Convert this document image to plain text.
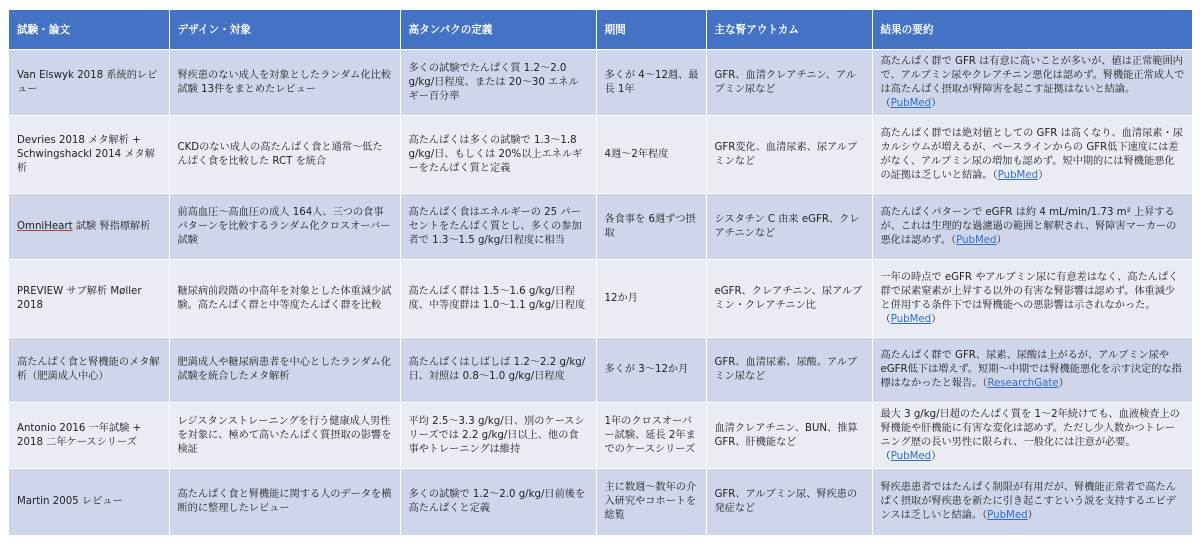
試験・論文	デザイン・対象	高タンパクの定義	期間	主な腎アウトカム	結果の要約
Van Elswyk 2018 系統的レビュー	腎疾患のない成人を対象としたランダム化比較試験 13件をまとめたレビュー	多くの試験でたんぱく質 1.2〜2.0 g/kg/日程度、または 20〜30 エネルギー百分率	多くが 4〜12週、最長 1年	GFR、血清クレアチニン、アルブミン尿など	高たんぱく群で GFR は有意に高いことが多いが、値は正常範囲内で、アルブミン尿やクレアチニン悪化は認めず。腎機能正常成人では高たんぱく摂取が腎障害を起こす証拠はないと結論。（PubMed）
Devries 2018 メタ解析 + Schwingshackl 2014 メタ解析	CKDのない成人の高たんぱく食と通常〜低たんぱく食を比較した RCT を統合	高たんぱくは多くの試験で 1.3〜1.8 g/kg/日、もしくは 20%以上エネルギーをたんぱく質と定義	4週〜2年程度	GFR変化、血清尿素、尿アルブミンなど	高たんぱく群では絶対値としての GFR は高くなり、血清尿素・尿カルシウムが増えるが、ベースラインからの GFR低下速度には差がなく、アルブミン尿の増加も認めず。短中期的には腎機能悪化の証拠は乏しいと結論。（PubMed）
OmniHeart 試験 腎指標解析	前高血圧〜高血圧の成人 164人、三つの食事パターンを比較するランダム化クロスオーバー試験	高たんぱく食はエネルギーの 25 パーセントをたんぱく質とし、多くの参加者で 1.3〜1.5 g/kg/日程度に相当	各食事を 6週ずつ摂取	シスタチン C 由来 eGFR、クレアチニンなど	高たんぱくパターンで eGFR は約 4 mL/min/1.73 m² 上昇するが、これは生理的な過濾過の範囲と解釈され、腎障害マーカーの悪化は認めず。（PubMed）
PREVIEW サブ解析 Møller 2018	糖尿病前段階の中高年を対象とした体重減少試験。高たんぱく群と中等度たんぱく群を比較	高たんぱく群は 1.5〜1.6 g/kg/日程度、中等度群は 1.0〜1.1 g/kg/日程度	12か月	eGFR、クレアチニン、尿アルブミン・クレアチニン比	一年の時点で eGFR やアルブミン尿に有意差はなく、高たんぱく群で尿素窒素が上昇する以外の有害な腎影響は認めず。体重減少と併用する条件下では腎機能への悪影響は示されなかった。（PubMed）
高たんぱく食と腎機能のメタ解析（肥満成人中心）	肥満成人や糖尿病患者を中心としたランダム化試験を統合したメタ解析	高たんぱくはしばしば 1.2〜2.2 g/kg/日、対照は 0.8〜1.0 g/kg/日程度	多くが 3〜12か月	GFR、血清尿素、尿酸、アルブミン尿など	高たんぱく群で GFR、尿素、尿酸は上がるが、アルブミン尿や eGFR低下は増えず。短期〜中期では腎機能悪化を示す決定的な指標はなかったと報告。（ResearchGate）
Antonio 2016 一年試験 + 2018 二年ケースシリーズ	レジスタンストレーニングを行う健康成人男性を対象に、極めて高いたんぱく質摂取の影響を検証	平均 2.5〜3.3 g/kg/日、別のケースシリーズでは 2.2 g/kg/日以上、他の食事やトレーニングは維持	1年のクロスオーバー試験、延長 2年までのケースシリーズ	血清クレアチニン、BUN、推算GFR、肝機能など	最大 3 g/kg/日超のたんぱく質を 1〜2年続けても、血液検査上の腎機能や肝機能に有害な変化は認めず。ただし少人数かつトレーニング歴の長い男性に限られ、一般化には注意が必要。（PubMed）
Martin 2005 レビュー	高たんぱく食と腎機能に関する人のデータを横断的に整理したレビュー	多くの試験で 1.2〜2.0 g/kg/日前後を高たんぱくと定義	主に数週〜数年の介入研究やコホートを総覧	GFR、アルブミン尿、腎疾患の発症など	腎疾患患者ではたんぱく制限が有用だが、腎機能正常者で高たんぱく摂取が腎疾患を新たに引き起こすという説を支持するエビデンスは乏しいと結論。（PubMed）
